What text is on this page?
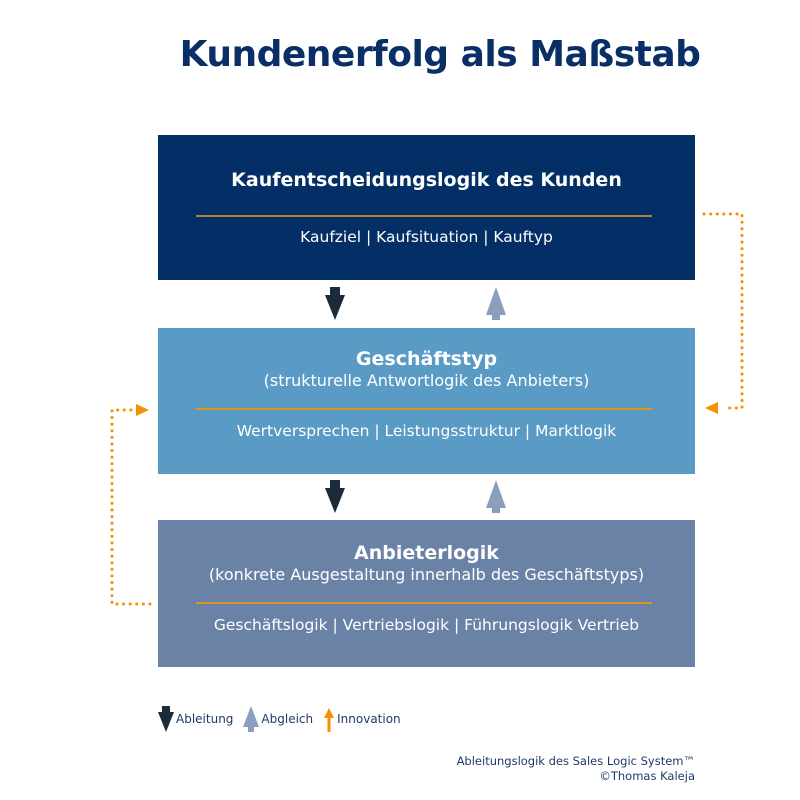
Kundenerfolg als Maßstab
Kaufentscheidungslogik des Kunden
Kaufziel | Kaufsituation | Kauftyp
Geschäftstyp
(strukturelle Antwortlogik des Anbieters)
Wertversprechen | Leistungsstruktur | Marktlogik
Anbieterlogik
(konkrete Ausgestaltung innerhalb des Geschäftstyps)
Geschäftslogik | Vertriebslogik | Führungslogik Vertrieb
Ableitung Abgleich Innovation
Ableitungslogik des Sales Logic System™
©Thomas Kaleja
